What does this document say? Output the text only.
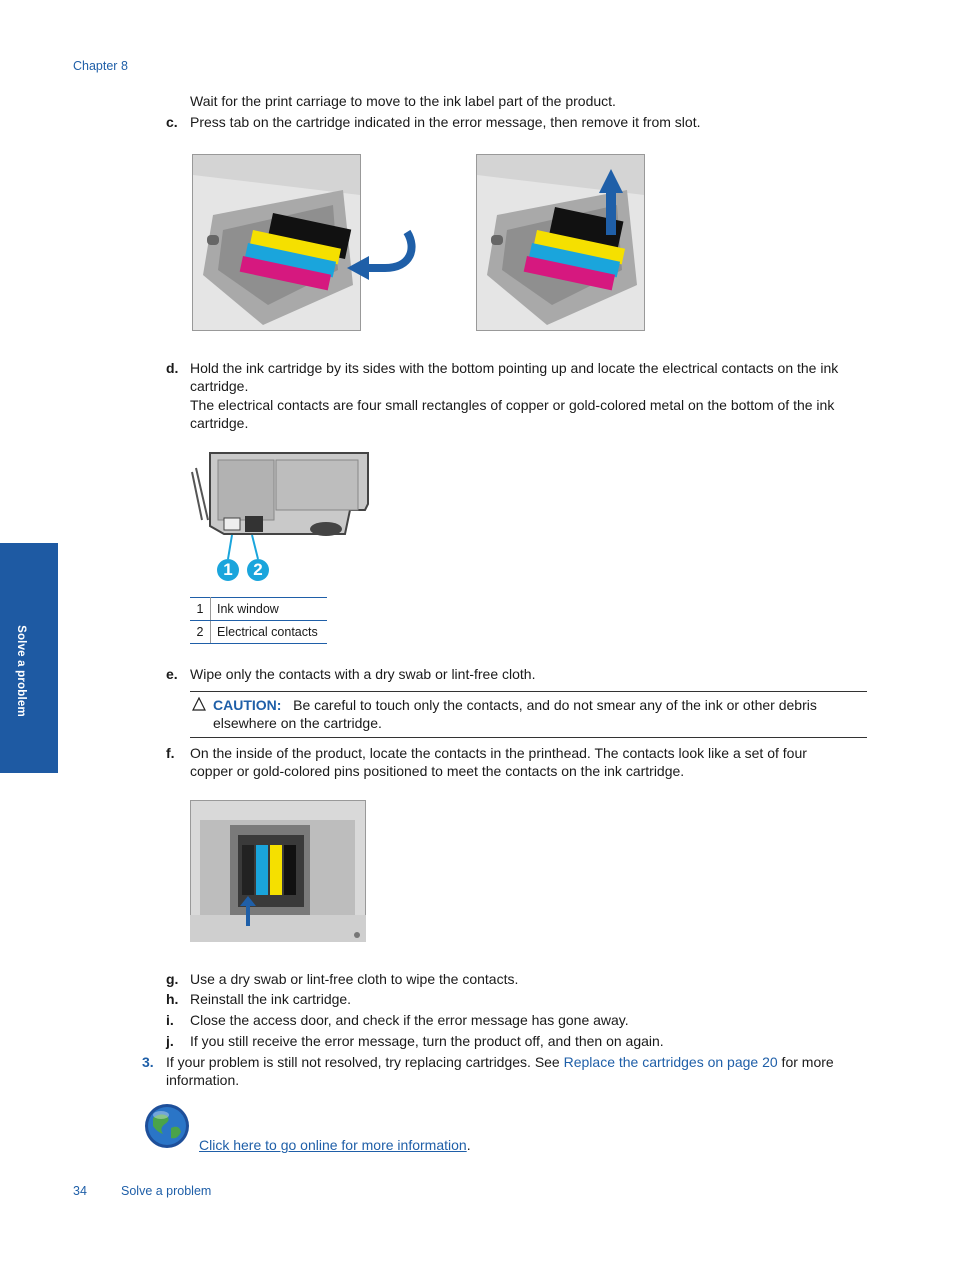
Chapter 8
Solve a problem
Wait for the print carriage to move to the ink label part of the product.
c. Press tab on the cartridge indicated in the error message, then remove it from slot.
d. Hold the ink cartridge by its sides with the bottom pointing up and locate the electrical contacts on the ink cartridge.
The electrical contacts are four small rectangles of copper or gold-colored metal on the bottom of the ink cartridge.
1	2
1	Ink window
2	Electrical contacts
e. Wipe only the contacts with a dry swab or lint-free cloth.
CAUTION: Be careful to touch only the contacts, and do not smear any of the ink or other debris elsewhere on the cartridge.
f. On the inside of the product, locate the contacts in the printhead. The contacts look like a set of four copper or gold-colored pins positioned to meet the contacts on the ink cartridge.
g. Use a dry swab or lint-free cloth to wipe the contacts.
h. Reinstall the ink cartridge.
i. Close the access door, and check if the error message has gone away.
j. If you still receive the error message, turn the product off, and then on again.
3. If your problem is still not resolved, try replacing cartridges. See Replace the cartridges on page 20 for more information.
Click here to go online for more information.
34	Solve a problem
